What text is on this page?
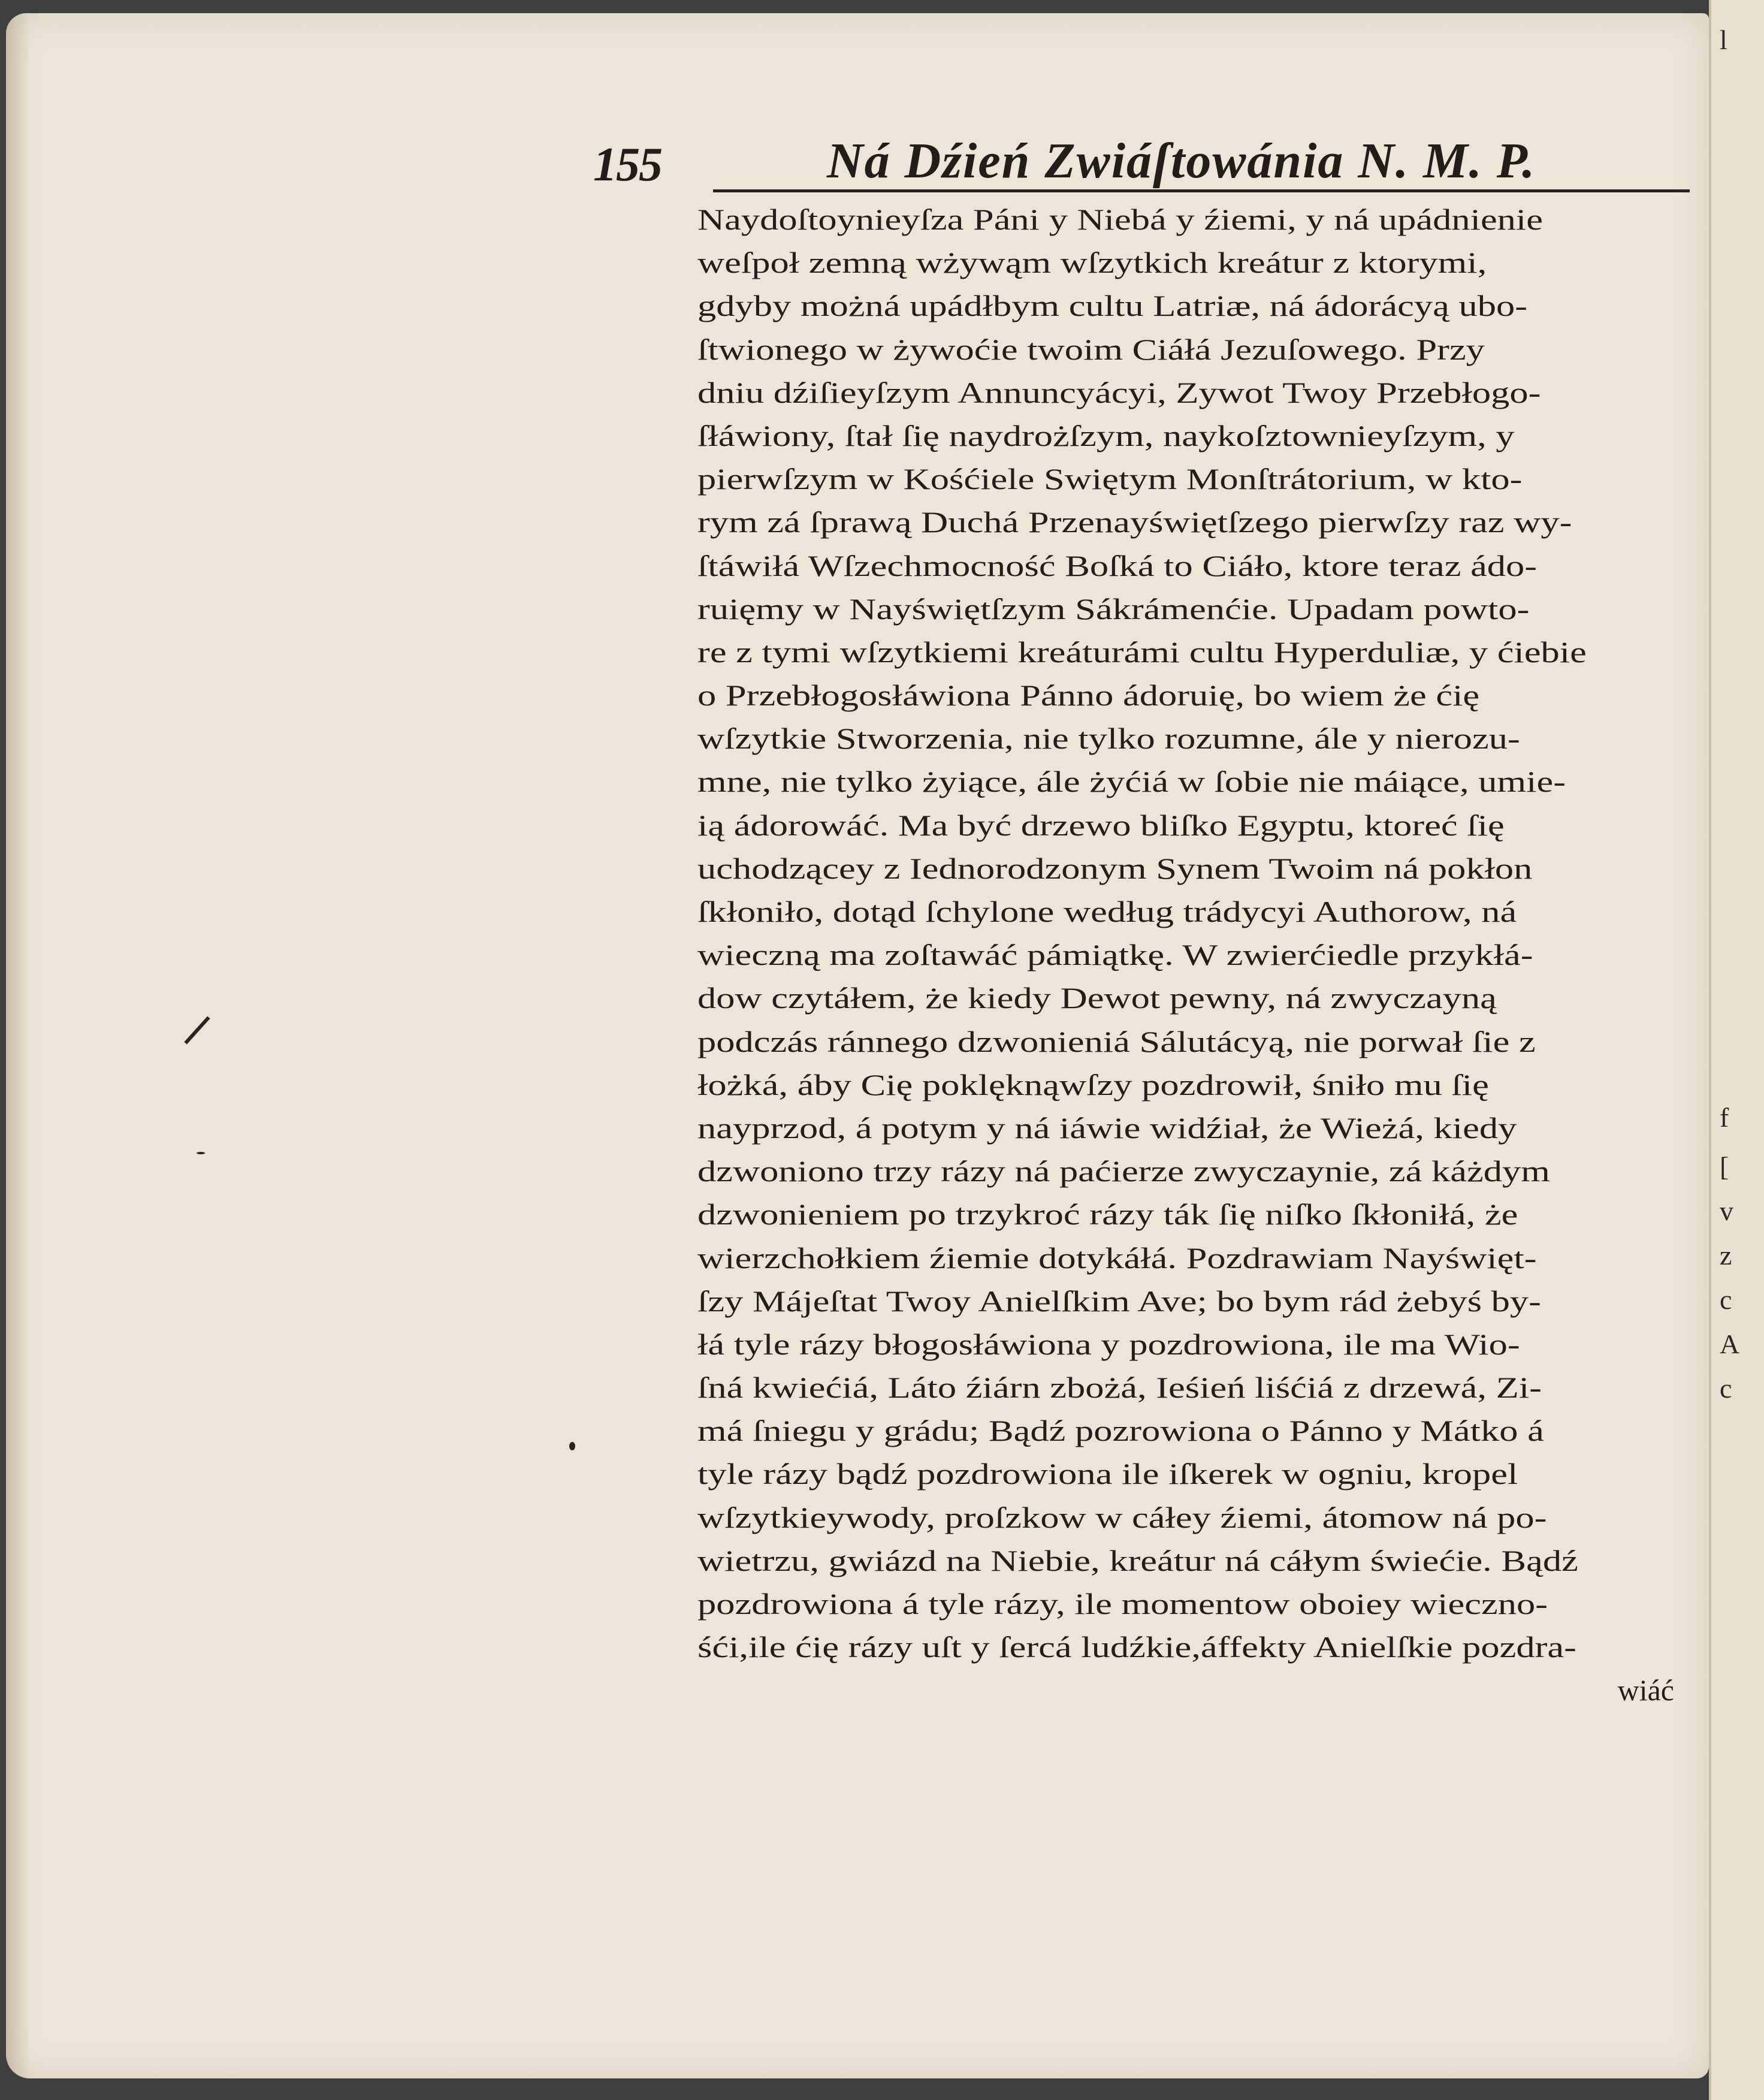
l
f
[
v
z
c
A
c
155	Ná Dźień Zwiáſtowánia N. M. P.
Naydoſtoynieyſza Páni y Niebá y źiemi, y ná upádnienie
weſpoł zemną wżywąm wſzytkich kreátur z ktorymi,
gdyby możná upádłbym cultu Latriæ, ná ádorácyą ubo-
ſtwionego w żywoćie twoim Ciáłá Jezuſowego. Przy
dniu dźiſieyſzym Annuncyácyi, Zywot Twoy Przebłogo-
ſłáwiony, ſtał ſię naydrożſzym, naykoſztownieyſzym, y
pierwſzym w Kośćiele Swiętym Monſtrátorium, w kto-
rym zá ſprawą Duchá Przenayświętſzego pierwſzy raz wy-
ſtáwiłá Wſzechmocność Boſká to Ciáło, ktore teraz ádo-
ruięmy w Nayświętſzym Sákrámenćie. Upadam powto-
re z tymi wſzytkiemi kreáturámi cultu Hyperduliæ, y ćiebie
o Przebłogosłáwiona Pánno ádoruię, bo wiem że ćię
wſzytkie Stworzenia, nie tylko rozumne, ále y nierozu-
mne, nie tylko żyiące, ále żyćiá w ſobie nie máiące, umie-
ią ádorowáć. Ma być drzewo bliſko Egyptu, ktoreć ſię
uchodzącey z Iednorodzonym Synem Twoim ná pokłon
ſkłoniło, dotąd ſchylone według trádycyi Authorow, ná
wieczną ma zoſtawáć pámiątkę. W zwierćiedle przykłá-
dow czytáłem, że kiedy Dewot pewny, ná zwyczayną
podczás ránnego dzwonieniá Sálutácyą, nie porwał ſie z
łożká, áby Cię poklęknąwſzy pozdrowił, śniło mu ſię
nayprzod, á potym y ná iáwie widźiał, że Wieżá, kiedy
dzwoniono trzy rázy ná paćierze zwyczaynie, zá káżdym
dzwonieniem po trzykroć rázy ták ſię niſko ſkłoniłá, że
wierzchołkiem źiemie dotykáłá. Pozdrawiam Nayświęt-
ſzy Májeſtat Twoy Anielſkim Ave; bo bym rád żebyś by-
łá tyle rázy błogosłáwiona y pozdrowiona, ile ma Wio-
ſná kwiećiá, Láto źiárn zbożá, Ieśień liśćiá z drzewá, Zi-
má ſniegu y grádu; Bądź pozrowiona o Pánno y Mátko á
tyle rázy bądź pozdrowiona ile iſkerek w ogniu, kropel
wſzytkieywody, proſzkow w cáłey źiemi, átomow ná po-
wietrzu, gwiázd na Niebie, kreátur ná cáłym świećie. Bądź
pozdrowiona á tyle rázy, ile momentow oboiey wieczno-
śći,ile ćię rázy uſt y ſercá ludźkie,áffekty Anielſkie pozdra-
wiáć
